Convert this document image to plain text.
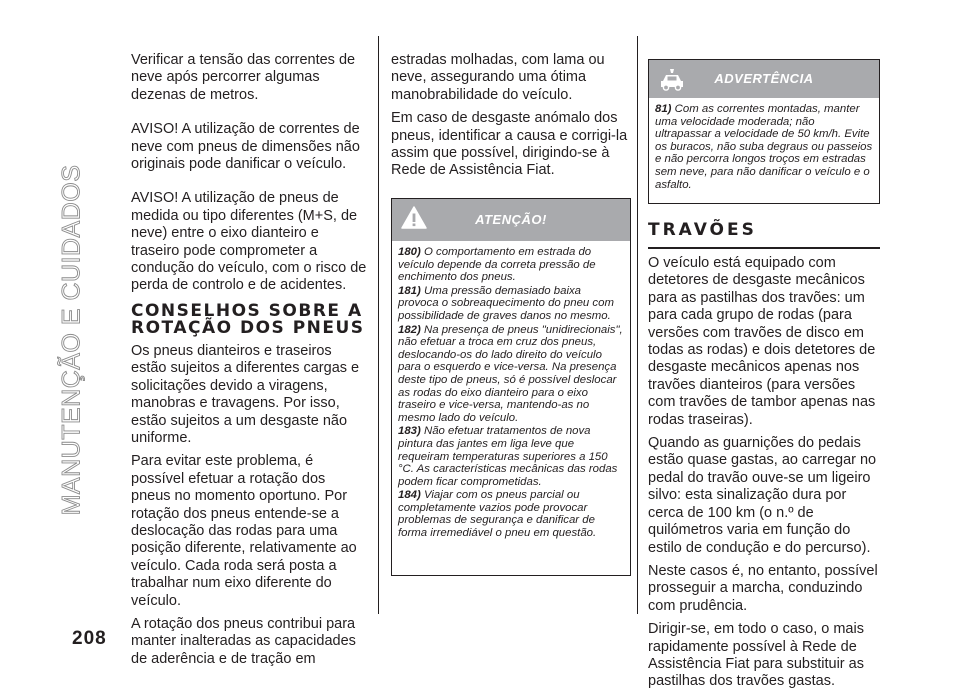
MANUTENÇÃO E CUIDADOS
208

Verificar a tensão das correntes de neve após percorrer algumas dezenas de metros.

AVISO! A utilização de correntes de neve com pneus de dimensões não originais pode danificar o veículo.

AVISO! A utilização de pneus de medida ou tipo diferentes (M+S, de neve) entre o eixo dianteiro e traseiro pode comprometer a condução do veículo, com o risco de perda de controlo e de acidentes.

CONSELHOS SOBRE A
ROTAÇÃO DOS PNEUS

Os pneus dianteiros e traseiros estão sujeitos a diferentes cargas e solicitações devido a viragens, manobras e travagens. Por isso, estão sujeitos a um desgaste não uniforme.

Para evitar este problema, é possível efetuar a rotação dos pneus no momento oportuno. Por rotação dos pneus entende-se a deslocação das rodas para uma posição diferente, relativamente ao veículo. Cada roda será posta a trabalhar num eixo diferente do veículo.

A rotação dos pneus contribui para manter inalteradas as capacidades de aderência e de tração em

estradas molhadas, com lama ou neve, assegurando uma ótima manobrabilidade do veículo.

Em caso de desgaste anómalo dos pneus, identificar a causa e corrigi-la assim que possível, dirigindo-se à Rede de Assistência Fiat.

ATENÇÃO!
180) O comportamento em estrada do veículo depende da correta pressão de enchimento dos pneus.
181) Uma pressão demasiado baixa provoca o sobreaquecimento do pneu com possibilidade de graves danos no mesmo.
182) Na presença de pneus "unidirecionais", não efetuar a troca em cruz dos pneus, deslocando-os do lado direito do veículo para o esquerdo e vice-versa. Na presença deste tipo de pneus, só é possível deslocar as rodas do eixo dianteiro para o eixo traseiro e vice-versa, mantendo-as no mesmo lado do veículo.
183) Não efetuar tratamentos de nova pintura das jantes em liga leve que requeiram temperaturas superiores a 150 °C. As características mecânicas das rodas podem ficar comprometidas.
184) Viajar com os pneus parcial ou completamente vazios pode provocar problemas de segurança e danificar de forma irremediável o pneu em questão.
ADVERTÊNCIA
81) Com as correntes montadas, manter uma velocidade moderada; não ultrapassar a velocidade de 50 km/h. Evite os buracos, não suba degraus ou passeios e não percorra longos troços em estradas sem neve, para não danificar o veículo e o asfalto.
TRAVÕES

O veículo está equipado com detetores de desgaste mecânicos para as pastilhas dos travões: um para cada grupo de rodas (para versões com travões de disco em todas as rodas) e dois detetores de desgaste mecânicos apenas nos travões dianteiros (para versões com travões de tambor apenas nas rodas traseiras).

Quando as guarnições do pedais estão quase gastas, ao carregar no pedal do travão ouve-se um ligeiro silvo: esta sinalização dura por cerca de 100 km (o n.º de quilómetros varia em função do estilo de condução e do percurso).

Neste casos é, no entanto, possível prosseguir a marcha, conduzindo com prudência.

Dirigir-se, em todo o caso, o mais rapidamente possível à Rede de Assistência Fiat para substituir as pastilhas dos travões gastas.
